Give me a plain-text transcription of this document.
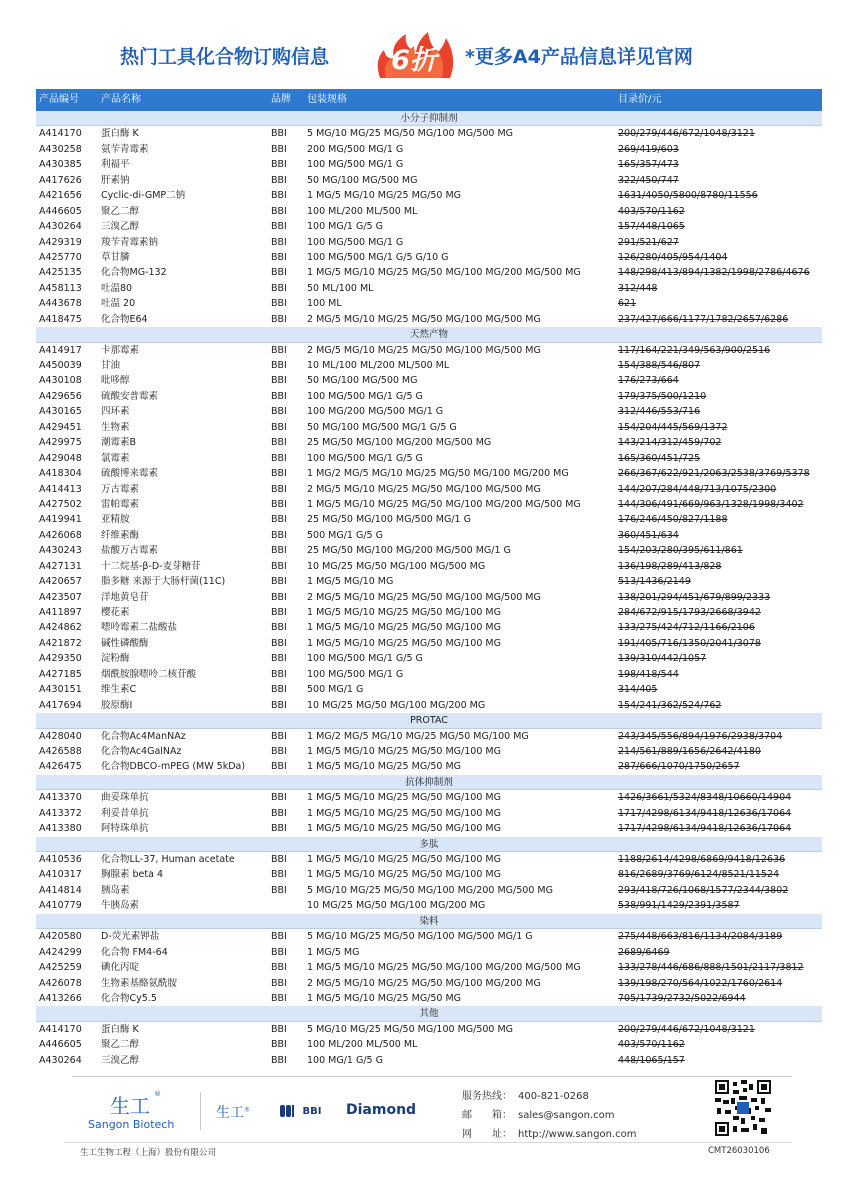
热门工具化合物订购信息	6折	*更多A4产品信息详见官网
产品编号 产品名称	品牌 包装规格	目录价/元
小分子抑制剂
A414170 蛋白酶 K	BBI 5 MG/10 MG/25 MG/50 MG/100 MG/500 MG	200/279/446/672/1048/3121
A430258 氨苄青霉素	BBI 200 MG/500 MG/1 G	269/419/603
A430385 利福平	BBI 100 MG/500 MG/1 G	165/357/473
A417626 肝素钠	BBI 50 MG/100 MG/500 MG	322/450/747
A421656 Cyclic-di-GMP二钠	BBI 1 MG/5 MG/10 MG/25 MG/50 MG	1631/4050/5800/8780/11556
A446605 聚乙二醇	BBI 100 ML/200 ML/500 ML	403/570/1162
A430264 三溴乙醇	BBI 100 MG/1 G/5 G	157/448/1065
A429319 羧苄青霉素钠	BBI 100 MG/500 MG/1 G	291/521/627
A425770 草甘膦	BBI 100 MG/500 MG/1 G/5 G/10 G	126/280/405/954/1404
A425135 化合物MG-132	BBI 1 MG/5 MG/10 MG/25 MG/50 MG/100 MG/200 MG/500 MG	148/298/413/894/1382/1998/2786/4676
A458113 吐温80	BBI 50 ML/100 ML	312/448
A443678 吐温 20	BBI 100 ML	621
A418475 化合物E64	BBI 2 MG/5 MG/10 MG/25 MG/50 MG/100 MG/500 MG	237/427/666/1177/1782/2657/6286
天然产物
A414917 卡那霉素	BBI 2 MG/5 MG/10 MG/25 MG/50 MG/100 MG/500 MG	117/164/221/349/563/900/2516
A450039 甘油	BBI 10 ML/100 ML/200 ML/500 ML	154/388/546/807
A430108 吡哆醇	BBI 50 MG/100 MG/500 MG	176/273/664
A429656 硫酸安普霉素	BBI 100 MG/500 MG/1 G/5 G	179/375/500/1210
A430165 四环素	BBI 100 MG/200 MG/500 MG/1 G	312/446/553/716
A429451 生物素	BBI 50 MG/100 MG/500 MG/1 G/5 G	154/204/445/569/1372
A429975 潮霉素B	BBI 25 MG/50 MG/100 MG/200 MG/500 MG	143/214/312/459/702
A429048 氯霉素	BBI 100 MG/500 MG/1 G/5 G	165/360/451/725
A418304 硫酸博来霉素	BBI 1 MG/2 MG/5 MG/10 MG/25 MG/50 MG/100 MG/200 MG	266/367/622/921/2063/2538/3769/5378
A414413 万古霉素	BBI 2 MG/5 MG/10 MG/25 MG/50 MG/100 MG/500 MG	144/207/284/448/713/1075/2300
A427502 雷帕霉素	BBI 1 MG/5 MG/10 MG/25 MG/50 MG/100 MG/200 MG/500 MG	144/306/491/669/963/1328/1998/3402
A419941 亚精胺	BBI 25 MG/50 MG/100 MG/500 MG/1 G	176/246/450/827/1188
A426068 纤维素酶	BBI 500 MG/1 G/5 G	360/451/634
A430243 盐酸万古霉素	BBI 25 MG/50 MG/100 MG/200 MG/500 MG/1 G	154/203/280/395/611/861
A427131 十二烷基-β-D-麦芽糖苷	BBI 10 MG/25 MG/50 MG/100 MG/500 MG	136/198/289/413/828
A420657 脂多糖 来源于大肠杆菌(11C)	BBI 1 MG/5 MG/10 MG	513/1436/2149
A423507 洋地黄皂苷	BBI 2 MG/5 MG/10 MG/25 MG/50 MG/100 MG/500 MG	138/201/294/451/679/899/2333
A411897 樱花素	BBI 1 MG/5 MG/10 MG/25 MG/50 MG/100 MG	284/672/915/1793/2668/3942
A424862 嘌呤霉素二盐酸盐	BBI 1 MG/5 MG/10 MG/25 MG/50 MG/100 MG	133/275/424/712/1166/2106
A421872 碱性磷酸酶	BBI 1 MG/5 MG/10 MG/25 MG/50 MG/100 MG	191/405/716/1350/2041/3078
A429350 淀粉酶	BBI 100 MG/500 MG/1 G/5 G	139/310/442/1057
A427185 烟酰胺腺嘌呤二核苷酸	BBI 100 MG/500 MG/1 G	198/418/544
A430151 维生素C	BBI 500 MG/1 G	314/405
A417694 胶原酶I	BBI 10 MG/25 MG/50 MG/100 MG/200 MG	154/241/362/524/762
PROTAC
A428040 化合物Ac4ManNAz	BBI 1 MG/2 MG/5 MG/10 MG/25 MG/50 MG/100 MG	243/345/556/894/1976/2938/3704
A426588 化合物Ac4GalNAz	BBI 1 MG/5 MG/10 MG/25 MG/50 MG/100 MG	214/561/889/1656/2642/4180
A426475 化合物DBCO-mPEG (MW 5kDa)	BBI 1 MG/5 MG/10 MG/25 MG/50 MG	287/666/1070/1750/2657
抗体抑制剂
A413370 曲妥珠单抗	BBI 1 MG/5 MG/10 MG/25 MG/50 MG/100 MG	1426/3661/5324/8348/10660/14904
A413372 利妥昔单抗	BBI 1 MG/5 MG/10 MG/25 MG/50 MG/100 MG	1717/4298/6134/9418/12636/17064
A413380 阿特珠单抗	BBI 1 MG/5 MG/10 MG/25 MG/50 MG/100 MG	1717/4298/6134/9418/12636/17064
多肽
A410536 化合物LL-37, Human acetate	BBI 1 MG/5 MG/10 MG/25 MG/50 MG/100 MG	1188/2614/4298/6869/9418/12636
A410317 胸腺素 beta 4	BBI 1 MG/5 MG/10 MG/25 MG/50 MG/100 MG	816/2689/3769/6124/8521/11524
A414814 胰岛素	BBI 5 MG/10 MG/25 MG/50 MG/100 MG/200 MG/500 MG	293/418/726/1068/1577/2344/3802
A410779 牛胰岛素	10 MG/25 MG/50 MG/100 MG/200 MG	538/991/1429/2391/3587
染料
A420580 D-荧光素钾盐	BBI 5 MG/10 MG/25 MG/50 MG/100 MG/500 MG/1 G	275/448/663/816/1134/2084/3189
A424299 化合物 FM4-64	BBI 1 MG/5 MG	2689/6469
A425259 碘化丙啶	BBI 1 MG/5 MG/10 MG/25 MG/50 MG/100 MG/200 MG/500 MG	133/278/446/686/888/1501/2117/3812
A426078 生物素基酪氨酰胺	BBI 2 MG/5 MG/10 MG/25 MG/50 MG/100 MG/200 MG	139/198/270/564/1022/1760/2614
A413266 化合物Cy5.5	BBI 1 MG/5 MG/10 MG/25 MG/50 MG	705/1739/2732/5022/6944
其他
A414170 蛋白酶 K	BBI 5 MG/10 MG/25 MG/50 MG/100 MG/500 MG	200/279/446/672/1048/3121
A446605 聚乙二醇	BBI 100 ML/200 ML/500 ML	403/570/1162
A430264 三溴乙醇	BBI 100 MG/1 G/5 G	448/1065/157
生工 ®
Sangon Biotech
生工®	BBI Diamond
服务热线： 400-821-0268
邮　　箱： sales@sangon.com
网　　址： http://www.sangon.com
生工生物工程（上海）股份有限公司	CMT26030106
